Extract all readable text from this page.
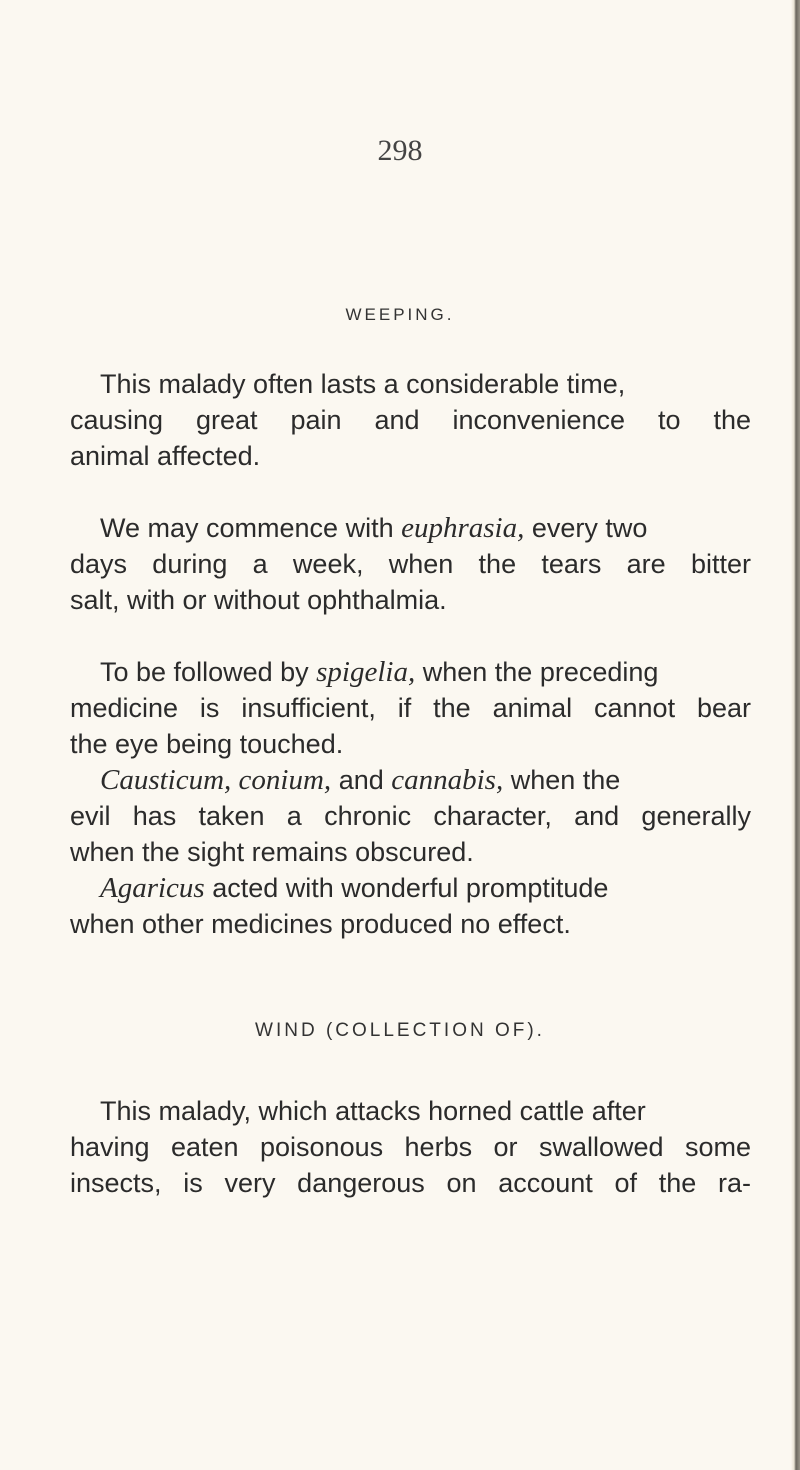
298
WEEPING.
This malady often lasts a considerable time,
causing great pain and inconvenience to the
animal affected.
We may commence with euphrasia, every two
days during a week, when the tears are bitter
salt, with or without ophthalmia.
To be followed by spigelia, when the preceding
medicine is insufficient, if the animal cannot bear
the eye being touched.
Causticum, conium, and cannabis, when the
evil has taken a chronic character, and generally
when the sight remains obscured.
Agaricus acted with wonderful promptitude
when other medicines produced no effect.
WIND (COLLECTION OF).
This malady, which attacks horned cattle after
having eaten poisonous herbs or swallowed some
insects, is very dangerous on account of the ra-
